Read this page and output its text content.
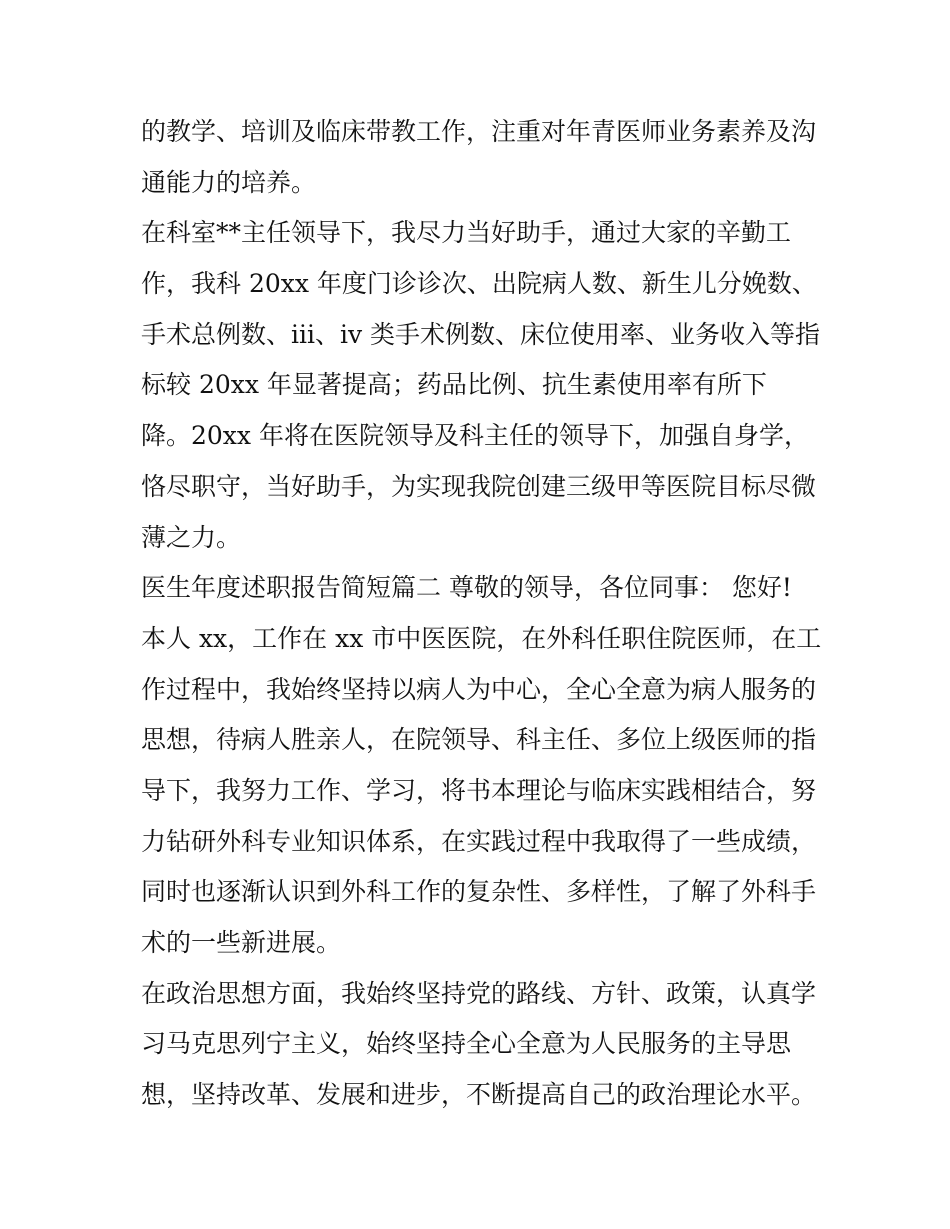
的教学、培训及临床带教工作，注重对年青医师业务素养及沟
通能力的培养。
在科室**主任领导下，我尽力当好助手，通过大家的辛勤工
作，我科 20xx 年度门诊诊次、出院病人数、新生儿分娩数、
手术总例数、iii、iv 类手术例数、床位使用率、业务收入等指
标较 20xx 年显著提高；药品比例、抗生素使用率有所下
降。20xx 年将在医院领导及科主任的领导下，加强自身学，
恪尽职守，当好助手，为实现我院创建三级甲等医院目标尽微
薄之力。
医生年度述职报告简短篇二 尊敬的领导，各位同事： 您好!
本人 xx，工作在 xx 市中医医院，在外科任职住院医师，在工
作过程中，我始终坚持以病人为中心，全心全意为病人服务的
思想，待病人胜亲人，在院领导、科主任、多位上级医师的指
导下，我努力工作、学习，将书本理论与临床实践相结合，努
力钻研外科专业知识体系，在实践过程中我取得了一些成绩，
同时也逐渐认识到外科工作的复杂性、多样性，了解了外科手
术的一些新进展。
在政治思想方面，我始终坚持党的路线、方针、政策，认真学
习马克思列宁主义，始终坚持全心全意为人民服务的主导思
想，坚持改革、发展和进步，不断提高自己的政治理论水平。
